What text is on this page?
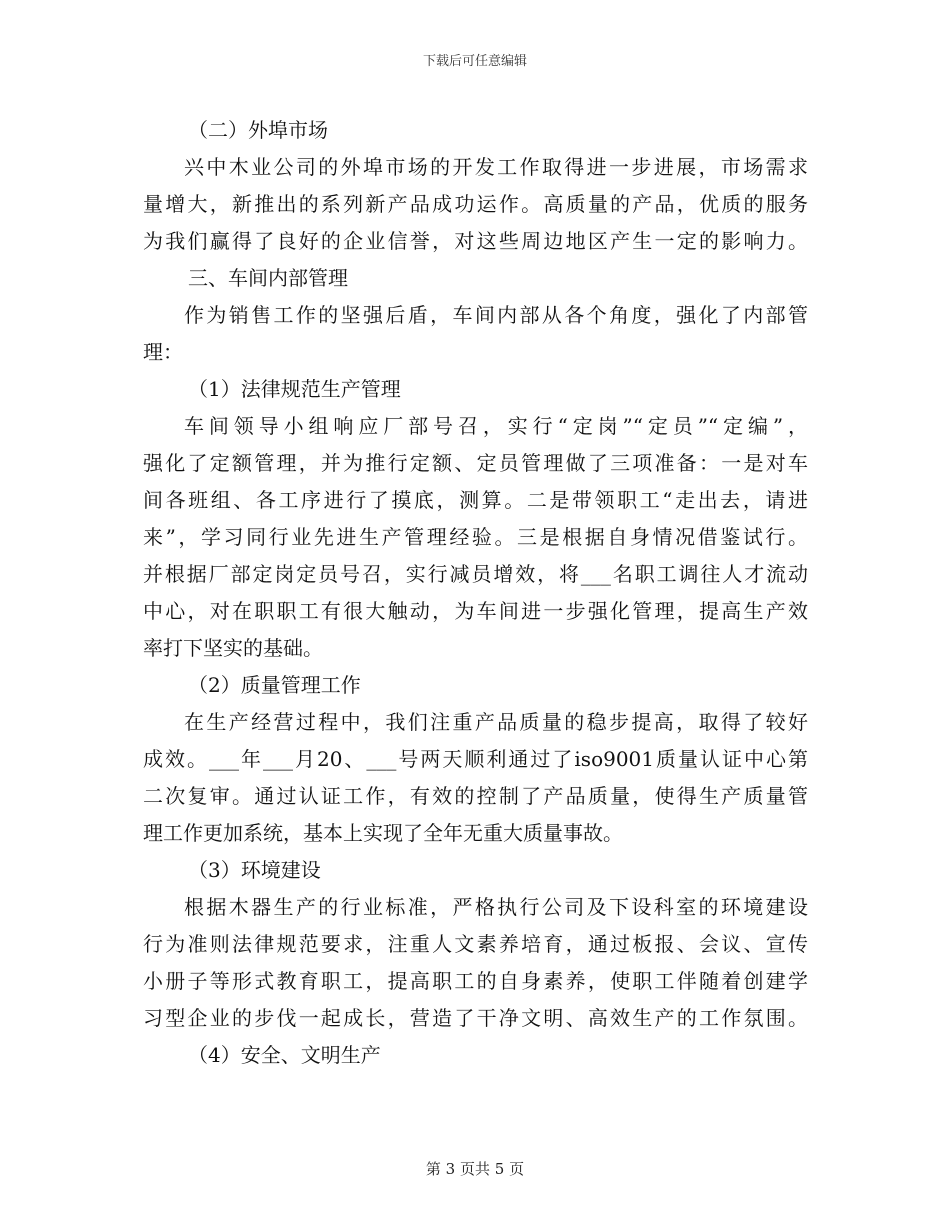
下载后可任意编辑
（二）外埠市场
兴中木业公司的外埠市场的开发工作取得进一步进展，市场需求
量增大，新推出的系列新产品成功运作。高质量的产品，优质的服务
为我们赢得了良好的企业信誉，对这些周边地区产生一定的影响力。
三、车间内部管理
作为销售工作的坚强后盾，车间内部从各个角度，强化了内部管
理：
（1）法律规范生产管理
车间领导小组响应厂部号召，实行“定岗”“定员”“定编”，
强化了定额管理，并为推行定额、定员管理做了三项准备：一是对车
间各班组、各工序进行了摸底，测算。二是带领职工“走出去，请进
来”，学习同行业先进生产管理经验。三是根据自身情况借鉴试行。
并根据厂部定岗定员号召，实行减员增效，将___名职工调往人才流动
中心，对在职职工有很大触动，为车间进一步强化管理，提高生产效
率打下坚实的基础。
（2）质量管理工作
在生产经营过程中，我们注重产品质量的稳步提高，取得了较好
成效。___年___月20、___号两天顺利通过了iso9001质量认证中心第
二次复审。通过认证工作，有效的控制了产品质量，使得生产质量管
理工作更加系统，基本上实现了全年无重大质量事故。
（3）环境建设
根据木器生产的行业标准，严格执行公司及下设科室的环境建设
行为准则法律规范要求，注重人文素养培育，通过板报、会议、宣传
小册子等形式教育职工，提高职工的自身素养，使职工伴随着创建学
习型企业的步伐一起成长，营造了干净文明、高效生产的工作氛围。
（4）安全、文明生产
第 3 页共 5 页
